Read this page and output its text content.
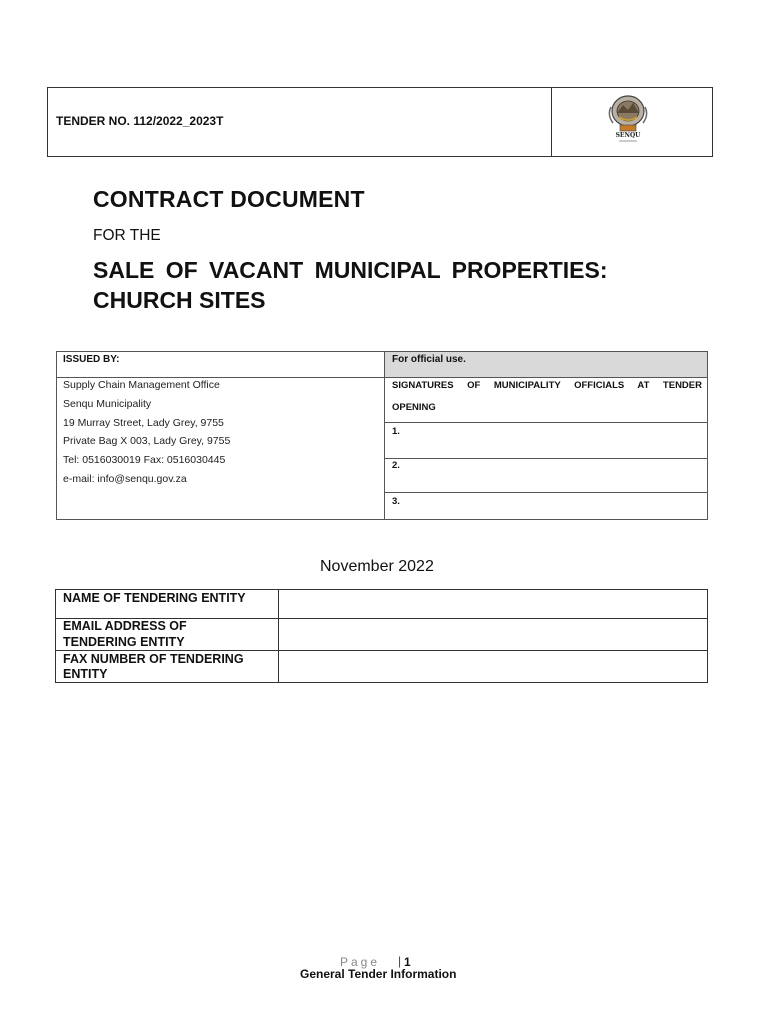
TENDER NO. 112/2022_2023T
SENQU
CONTRACT DOCUMENT
FOR THE
SALE OF VACANT MUNICIPAL PROPERTIES:
CHURCH SITES
ISSUED BY:	For official use.
Supply Chain Management Office
Senqu Municipality
19 Murray Street, Lady Grey, 9755
Private Bag X 003, Lady Grey, 9755
Tel: 0516030019 Fax: 0516030445
e-mail: info@senqu.gov.za
SIGNATURES OF MUNICIPALITY OFFICIALS AT TENDER
OPENING
1.
2.
3.
November 2022
NAME OF TENDERING ENTITY
EMAIL ADDRESS OF
TENDERING ENTITY
FAX NUMBER OF TENDERING
ENTITY
Page | 1
General Tender Information
